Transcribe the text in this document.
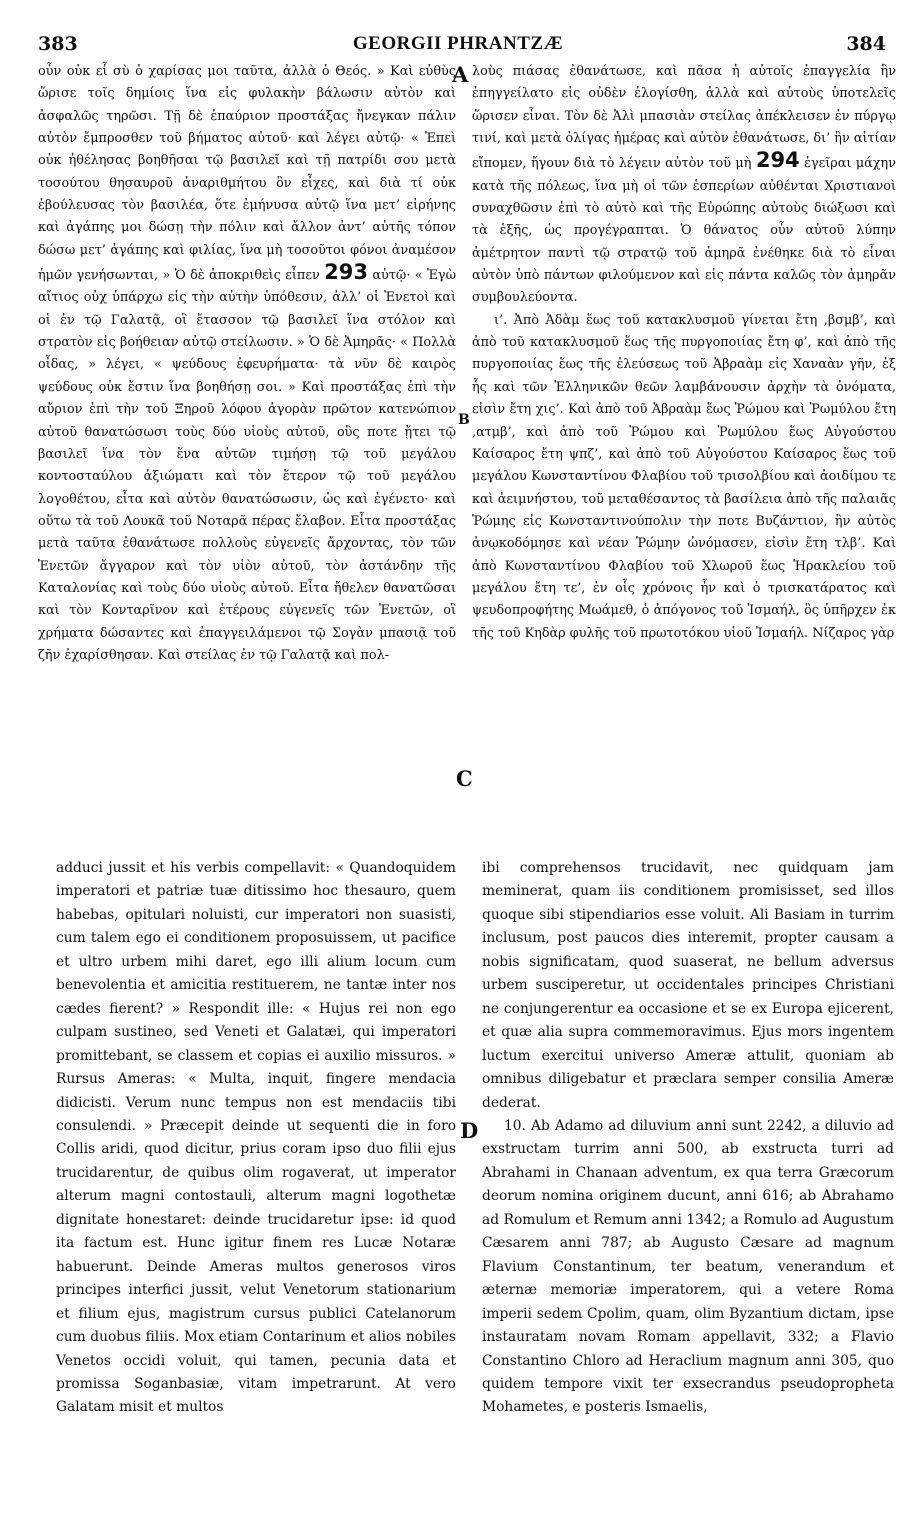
383	GEORGII PHRANTZÆ	384
A
B
C
D

οὖν οὐκ εἶ σὺ ὁ χαρίσας μοι ταῦτα, ἀλλὰ ὁ Θεός. » Καὶ εὐθὺς ὥρισε τοῖς δημίοις ἵνα εἰς φυλακὴν βάλωσιν αὐτὸν καὶ ἀσφαλῶς τηρῶσι. Τῇ δὲ ἐπαύριον προστάξας ἤνεγκαν πάλιν αὐτὸν ἔμπροσθεν τοῦ βήματος αὐτοῦ· καὶ λέγει αὐτῷ· « Ἐπεὶ οὐκ ἠθέλησας βοηθῆσαι τῷ βασιλεῖ καὶ τῇ πατρίδι σου μετὰ τοσούτου θησαυροῦ ἀναριθμήτου ὃν εἶχες, καὶ διὰ τί οὐκ ἐβούλευσας τὸν βασιλέα, ὅτε ἐμήνυσα αὐτῷ ἵνα μετ’ εἰρήνης καὶ ἀγάπης μοι δώσῃ τὴν πόλιν καὶ ἄλλον ἀντ’ αὐτῆς τόπον δώσω μετ’ ἀγάπης καὶ φιλίας, ἵνα μὴ τοσοῦτοι φόνοι ἀναμέσον ἡμῶν γενήσωνται, » Ὁ δὲ ἀποκριθεὶς εἶπεν 293 αὐτῷ· « Ἐγὼ αἴτιος οὐχ ὑπάρχω εἰς τὴν αὐτὴν ὑπόθεσιν, ἀλλ’ οἱ Ἐνετοὶ καὶ οἱ ἐν τῷ Γαλατᾷ, οἳ ἔτασσον τῷ βασιλεῖ ἵνα στόλον καὶ στρατὸν εἰς βοήθειαν αὐτῷ στείλωσιν. » Ὁ δὲ Ἀμηρᾶς· « Πολλὰ οἶδας, » λέγει, « ψεύδους ἐφευρήματα· τὰ νῦν δὲ καιρὸς ψεύδους οὐκ ἔστιν ἵνα βοηθήσῃ σοι. » Καὶ προστάξας ἐπὶ τὴν αὔριον ἐπὶ τὴν τοῦ Ξηροῦ λόφου ἀγορὰν πρῶτον κατενώπιον αὐτοῦ θανατώσωσι τοὺς δύο υἱοὺς αὐτοῦ, οὓς ποτε ᾔτει τῷ βασιλεῖ ἵνα τὸν ἕνα αὐτῶν τιμήσῃ τῷ τοῦ μεγάλου κοντοσταύλου ἀξιώματι καὶ τὸν ἕτερον τῷ τοῦ μεγάλου λογοθέτου, εἶτα καὶ αὐτὸν θανατώσωσιν, ὡς καὶ ἐγένετο· καὶ οὕτω τὰ τοῦ Λουκᾶ τοῦ Νοταρᾶ πέρας ἔλαβον. Εἶτα προστάξας μετὰ ταῦτα ἐθανάτωσε πολλοὺς εὐγενεῖς ἄρχοντας, τὸν τῶν Ἐνετῶν ἄγγαρον καὶ τὸν υἱὸν αὐτοῦ, τὸν ἀστάνδην τῆς Καταλονίας καὶ τοὺς δύο υἱοὺς αὐτοῦ. Εἶτα ἤθελεν θανατῶσαι καὶ τὸν Κονταρῖνον καὶ ἑτέρους εὐγενεῖς τῶν Ἐνετῶν, οἳ χρήματα δώσαντες καὶ ἐπαγγειλάμενοι τῷ Σογὰν μπασιᾷ τοῦ ζῆν ἐχαρίσθησαν. Καὶ στείλας ἐν τῷ Γαλατᾷ καὶ πολ-

λοὺς πιάσας ἐθανάτωσε, καὶ πᾶσα ἡ αὐτοῖς ἐπαγγελία ἣν ἐπηγγείλατο εἰς οὐδὲν ἐλογίσθη, ἀλλὰ καὶ αὐτοὺς ὑποτελεῖς ὥρισεν εἶναι. Τὸν δὲ Ἀλὶ μπασιὰν στείλας ἀπέκλεισεν ἐν πύργῳ τινί, καὶ μετὰ ὀλίγας ἡμέρας καὶ αὐτὸν ἐθανάτωσε, δι’ ἣν αἰτίαν εἴπομεν, ἤγουν διὰ τὸ λέγειν αὐτὸν τοῦ μὴ 294 ἐγεῖραι μάχην κατὰ τῆς πόλεως, ἵνα μὴ οἱ τῶν ἑσπερίων αὐθένται Χριστιανοὶ συναχθῶσιν ἐπὶ τὸ αὐτὸ καὶ τῆς Εὐρώπης αὐτοὺς διώξωσι καὶ τὰ ἑξῆς, ὡς προγέγραπται. Ὁ θάνατος οὖν αὐτοῦ λύπην ἀμέτρητον παντὶ τῷ στρατῷ τοῦ ἀμηρᾶ ἐνέθηκε διὰ τὸ εἶναι αὐτὸν ὑπὸ πάντων φιλούμενον καὶ εἰς πάντα καλῶς τὸν ἀμηρᾶν συμβουλεύοντα.

ι’. Ἀπὸ Ἀδὰμ ἕως τοῦ κατακλυσμοῦ γίνεται ἔτη ,βσμβ’, καὶ ἀπὸ τοῦ κατακλυσμοῦ ἕως τῆς πυργοποιίας ἔτη φ’, καὶ ἀπὸ τῆς πυργοποιίας ἕως τῆς ἐλεύσεως τοῦ Ἀβραὰμ εἰς Χαναὰν γῆν, ἐξ ἧς καὶ τῶν Ἑλληνικῶν θεῶν λαμβάνουσιν ἀρχὴν τὰ ὀνόματα, εἰσὶν ἔτη χις’. Καὶ ἀπὸ τοῦ Ἀβραὰμ ἕως Ῥώμου καὶ Ῥωμύλου ἔτη ,ατμβ’, καὶ ἀπὸ τοῦ Ῥώμου καὶ Ῥωμύλου ἕως Αὐγούστου Καίσαρος ἔτη ψπζ’, καὶ ἀπὸ τοῦ Αὐγούστου Καίσαρος ἕως τοῦ μεγάλου Κωνσταντίνου Φλαβίου τοῦ τρισολβίου καὶ ἀοιδίμου τε καὶ ἀειμνήστου, τοῦ μεταθέσαντος τὰ βασίλεια ἀπὸ τῆς παλαιᾶς Ῥώμης εἰς Κωνσταντινούπολιν τὴν ποτε Βυζάντιον, ἣν αὐτὸς ἀνῳκοδόμησε καὶ νέαν Ῥώμην ὠνόμασεν, εἰσὶν ἔτη τλβ’. Καὶ ἀπὸ Κωνσταντίνου Φλαβίου τοῦ Χλωροῦ ἕως Ἡρακλείου τοῦ μεγάλου ἔτη τε’, ἐν οἷς χρόνοις ἦν καὶ ὁ τρισκατάρατος καὶ ψευδοπροφήτης Μωάμεθ, ὁ ἀπόγονος τοῦ Ἰσμαήλ, ὃς ὑπῆρχεν ἐκ τῆς τοῦ Κηδὰρ φυλῆς τοῦ πρωτοτόκου υἱοῦ Ἰσμαήλ. Νίζαρος γὰρ

adduci jussit et his verbis compellavit: « Quandoquidem imperatori et patriæ tuæ ditissimo hoc thesauro, quem habebas, opitulari noluisti, cur imperatori non suasisti, cum talem ego ei conditionem proposuissem, ut pacifice et ultro urbem mihi daret, ego illi alium locum cum benevolentia et amicitia restituerem, ne tantæ inter nos cædes fierent? » Respondit ille: « Hujus rei non ego culpam sustineo, sed Veneti et Galatæi, qui imperatori promittebant, se classem et copias ei auxilio missuros. » Rursus Ameras: « Multa, inquit, fingere mendacia didicisti. Verum nunc tempus non est mendaciis tibi consulendi. » Præcepit deinde ut sequenti die in foro Collis aridi, quod dicitur, prius coram ipso duo filii ejus trucidarentur, de quibus olim rogaverat, ut imperator alterum magni contostauli, alterum magni logothetæ dignitate honestaret: deinde trucidaretur ipse: id quod ita factum est. Hunc igitur finem res Lucæ Notaræ habuerunt. Deinde Ameras multos generosos viros principes interfici jussit, velut Venetorum stationarium et filium ejus, magistrum cursus publici Catelanorum cum duobus filiis. Mox etiam Contarinum et alios nobiles Venetos occidi voluit, qui tamen, pecunia data et promissa Soganbasiæ, vitam impetrarunt. At vero Galatam misit et multos

ibi comprehensos trucidavit, nec quidquam jam meminerat, quam iis conditionem promisisset, sed illos quoque sibi stipendiarios esse voluit. Ali Basiam in turrim inclusum, post paucos dies interemit, propter causam a nobis significatam, quod suaserat, ne bellum adversus urbem susciperetur, ut occidentales principes Christiani ne conjungerentur ea occasione et se ex Europa ejicerent, et quæ alia supra commemoravimus. Ejus mors ingentem luctum exercitui universo Ameræ attulit, quoniam ab omnibus diligebatur et præclara semper consilia Ameræ dederat.

10. Ab Adamo ad diluvium anni sunt 2242, a diluvio ad exstructam turrim anni 500, ab exstructa turri ad Abrahami in Chanaan adventum, ex qua terra Græcorum deorum nomina originem ducunt, anni 616; ab Abrahamo ad Romulum et Remum anni 1342; a Romulo ad Augustum Cæsarem anni 787; ab Augusto Cæsare ad magnum Flavium Constantinum, ter beatum, venerandum et æternæ memoriæ imperatorem, qui a vetere Roma imperii sedem Cpolim, quam, olim Byzantium dictam, ipse instauratam novam Romam appellavit, 332; a Flavio Constantino Chloro ad Heraclium magnum anni 305, quo quidem tempore vixit ter exsecrandus pseudopropheta Mohametes, e posteris Ismaelis,
